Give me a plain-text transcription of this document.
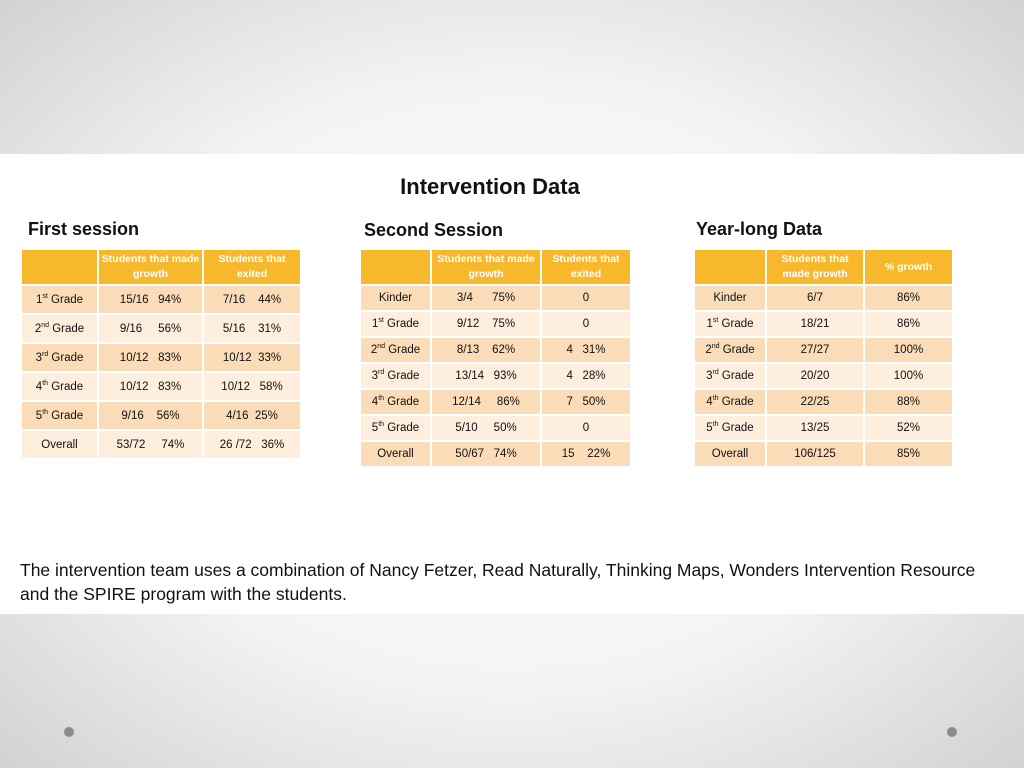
Intervention Data
First session	Second Session	Year-long Data
	Students that made growth	Students that exited
1st Grade	15/16   94%	7/16    44%
2nd Grade	9/16     56%	5/16    31%
3rd Grade	10/12   83%	10/12  33%
4th Grade	10/12   83%	10/12   58%
5th Grade	9/16    56%	4/16  25%
Overall	53/72     74%	26 /72   36%
	Students that made growth	Students that exited
Kinder	3/4      75%	0
1st Grade	9/12    75%	0
2nd Grade	8/13    62%	4   31%
3rd Grade	13/14   93%	4   28%
4th Grade	12/14     86%	7   50%
5th Grade	5/10     50%	0
Overall	50/67   74%	15    22%
	Students that made growth	% growth
Kinder	6/7	86%
1st Grade	18/21	86%
2nd Grade	27/27	100%
3rd Grade	20/20	100%
4th Grade	22/25	88%
5th Grade	13/25	52%
Overall	106/125	85%
The intervention team uses a combination of Nancy Fetzer, Read Naturally, Thinking Maps, Wonders Intervention Resource and the SPIRE program with the students.
